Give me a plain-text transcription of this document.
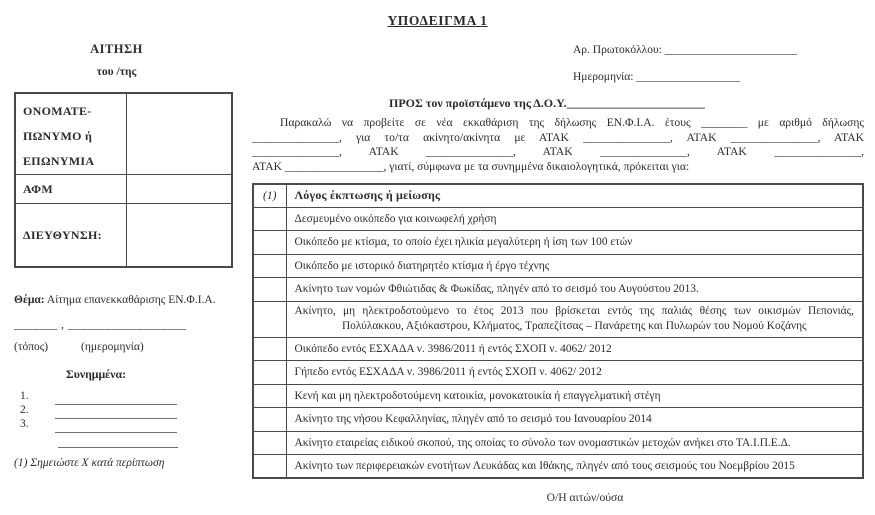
ΥΠΟΔΕΙΓΜΑ 1
ΑΙΤΗΣΗ
του /της
ΟΝΟΜΑΤΕ-
ΠΩΝΥΜΟ ή
ΕΠΩΝΥΜΙΑ
ΑΦΜ
ΔΙΕΥΘΥΝΣΗ:
Θέμα: Αίτημα επανεκκαθάρισης ΕΝ.Φ.Ι.Α.
_______ , ___________________
(τόπος)	(ημερομηνία)
Συνημμένα:
1.
2.
3.
(1) Σημειώστε Χ κατά περίπτωση
Αρ. Πρωτοκόλλου: _______________________
Ημερομηνία: __________________
ΠΡΟΣ τον προϊστάμενο της Δ.Ο.Υ._______________________
Παρακαλώ να προβείτε σε νέα εκκαθάριση της δήλωσης ΕΝ.Φ.Ι.Α. έτους ________ με αριθμό δήλωσης
_______________, για το/τα ακίνητο/ακίνητα με ΑΤΑΚ _______________, ΑΤΑΚ _______________, ΑΤΑΚ
_______________, ΑΤΑΚ _______________, ΑΤΑΚ _______________, ΑΤΑΚ _______________,
ΑΤΑΚ _________________, γιατί, σύμφωνα με τα συνημμένα δικαιολογητικά, πρόκειται για:
(1)	Λόγος έκπτωσης ή μείωσης
	Δεσμευμένο οικόπεδο για κοινωφελή χρήση
	Οικόπεδο με κτίσμα, το οποίο έχει ηλικία μεγαλύτερη ή ίση των 100 ετών
	Οικόπεδο με ιστορικό διατηρητέο κτίσμα ή έργο τέχνης
	Ακίνητο των νομών Φθιώτιδας & Φωκίδας, πληγέν από το σεισμό του Αυγούστου 2013.
	Ακίνητο, μη ηλεκτροδοτούμενο το έτος 2013 που βρίσκεται εντός της παλιάς θέσης των οικισμών Πεπονιάς, Πολύλακκου, Αξιόκαστρου, Κλήματος, Τραπεζίτσας – Πανάρετης και Πυλωρών του Νομού Κοζάνης
	Οικόπεδο εντός ΕΣΧΑΔΑ ν. 3986/2011 ή εντός ΣΧΟΠ ν. 4062/ 2012
	Γήπεδο εντός ΕΣΧΑΔΑ ν. 3986/2011 ή εντός ΣΧΟΠ ν. 4062/ 2012
	Κενή και μη ηλεκτροδοτούμενη κατοικία, μονοκατοικία ή επαγγελματική στέγη
	Ακίνητο της νήσου Κεφαλληνίας, πληγέν από το σεισμό του Ιανουαρίου 2014
	Ακίνητο εταιρείας ειδικού σκοπού, της οποίας το σύνολο των ονομαστικών μετοχών ανήκει στο ΤΑ.Ι.Π.Ε.Δ.
	Ακίνητο των περιφερειακών ενοτήτων Λευκάδας και Ιθάκης, πληγέν από τους σεισμούς του Νοεμβρίου 2015
Ο/Η αιτών/ούσα
